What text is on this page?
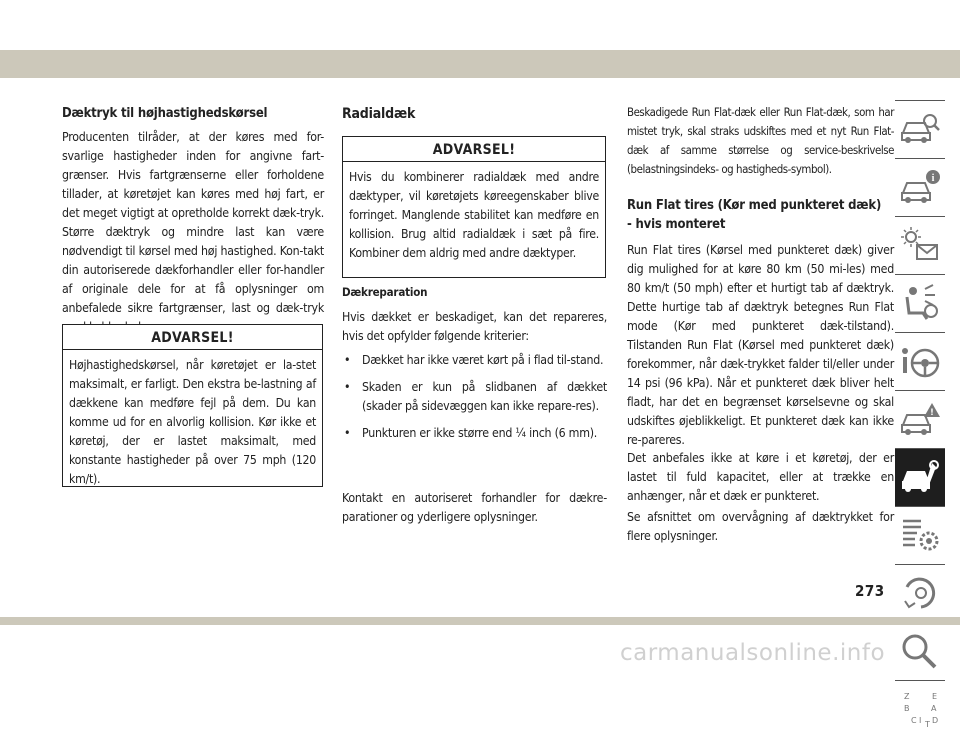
Dæktryk til højhastighedskørsel

Producenten tilråder, at der køres med for-svarlige hastigheder inden for angivne fart-grænser. Hvis fartgrænserne eller forholdene tillader, at køretøjet kan køres med høj fart, er det meget vigtigt at opretholde korrekt dæk-tryk. Større dæktryk og mindre last kan være nødvendigt til kørsel med høj hastighed. Kon-takt din autoriserede dækforhandler eller for-handler af originale dele for at få oplysninger om anbefalede sikre fartgrænser, last og dæk-tryk

ADVARSEL!

Højhastighedskørsel, når køretøjet er la-stet maksimalt, er farligt. Den ekstra be-lastning af dækkene kan medføre fejl på dem. Du kan komme ud for en alvorlig kollision. Kør ikke et køretøj, der er lastet maksimalt, med konstante hastigheder på over 75 mph (120 km/t).

Radialdæk
ADVARSEL!

Hvis du kombinerer radialdæk med andre dæktyper, vil køretøjets køreegenskaber blive forringet. Manglende stabilitet kan medføre en kollision. Brug altid radialdæk i sæt på fire. Kombiner dem aldrig med andre dæktyper.

Dækreparation

Hvis dækket er beskadiget, kan det repareres, hvis det opfylder følgende kriterier:

• Dækket har ikke været kørt på i flad til-stand.
• Skaden er kun på slidbanen af dækket (skader på sidevæggen kan ikke repare-res).
• Punkturen er ikke større end ¼ inch (6 mm).

Kontakt en autoriseret forhandler for dækre-parationer og yderligere oplysninger.

Beskadigede Run Flat-dæk eller Run Flat-dæk, som har mistet tryk, skal straks udskiftes med et nyt Run Flat-dæk af samme størrelse og service-beskrivelse (belastningsindeks- og hastigheds-symbol).

Run Flat tires (Kør med punkteret dæk) - hvis monteret

Run Flat tires (Kørsel med punkteret dæk) giver dig mulighed for at køre 80 km (50 mi-les) med 80 km/t (50 mph) efter et hurtigt tab af dæktryk. Dette hurtige tab af dæktryk betegnes Run Flat mode (Kør med punkteret dæk-tilstand). Tilstanden Run Flat (Kørsel med punkteret dæk) forekommer, når dæk-trykket falder til/eller under 14 psi (96 kPa). Når et punkteret dæk bliver helt fladt, har det en begrænset kørselsevne og skal udskiftes øjeblikkeligt. Et punkteret dæk kan ikke re-pareres.

Det anbefales ikke at køre i et køretøj, der er lastet til fuld kapacitet, eller at trække en anhænger, når et dæk er punkteret.

Se afsnittet om overvågning af dæktrykket for flere oplysninger.

i
!
Z	E
B	A
D
C I T
273
carmanualsonline.info
